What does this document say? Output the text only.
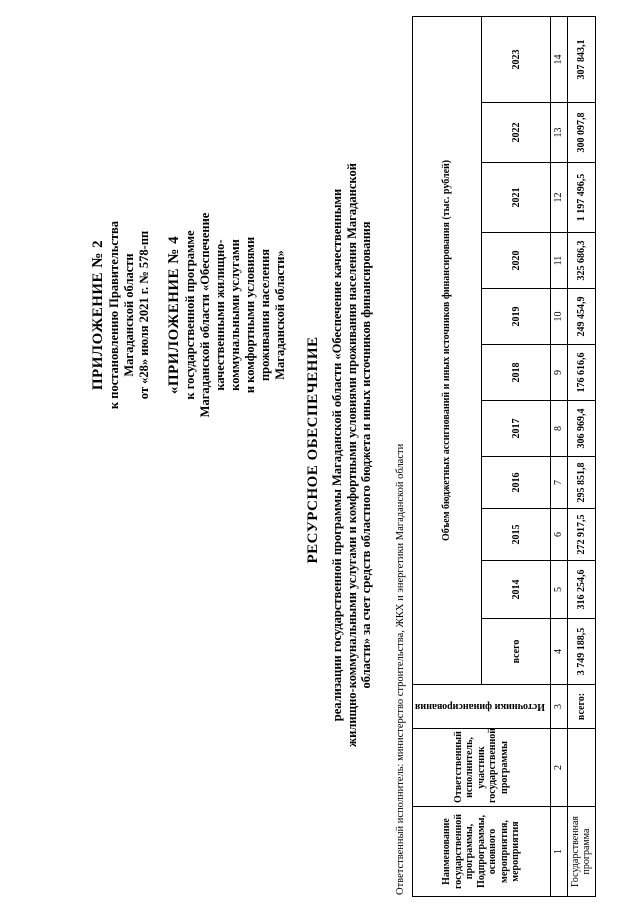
ПРИЛОЖЕНИЕ № 2 к постановлению Правительства Магаданской области от «28» июля 2021 г. № 578-пп «ПРИЛОЖЕНИЕ № 4 к государственной программе Магаданской области «Обеспечение качественными жилищно- коммунальными услугами и комфортными условиями проживания населения Магаданской области»
РЕСУРСНОЕ ОБЕСПЕЧЕНИЕ реализации государственной программы Магаданской области «Обеспечение качественными жилищно-коммунальными услугами и комфортными условиями проживания населения Магаданской области» за счет средств областного бюджета и иных источников финансирования Ответственный исполнитель: министерство строительства, ЖКХ и энергетики Магаданской области	Наименование государственной программы, Подпрограммы, основного мероприятия, мероприятия	Ответственный исполнитель, участник государственной программы	Источники финансирования	Объем бюджетных ассигнований и иных источников финансирования (тыс. рублей)										
			всего	2014	2015	2016	2017	2018	2019	2020	2021	2022	2023
1	2	3	4	5	6	7	8	9	10	11	12	13	14
Государственная программа		всего:	3 749 188,5	316 254,6	272 917,5	295 851,8	306 969,4	176 616,6	249 454,9	325 686,3	1 197 496,5	300 097,8	307 843,1
